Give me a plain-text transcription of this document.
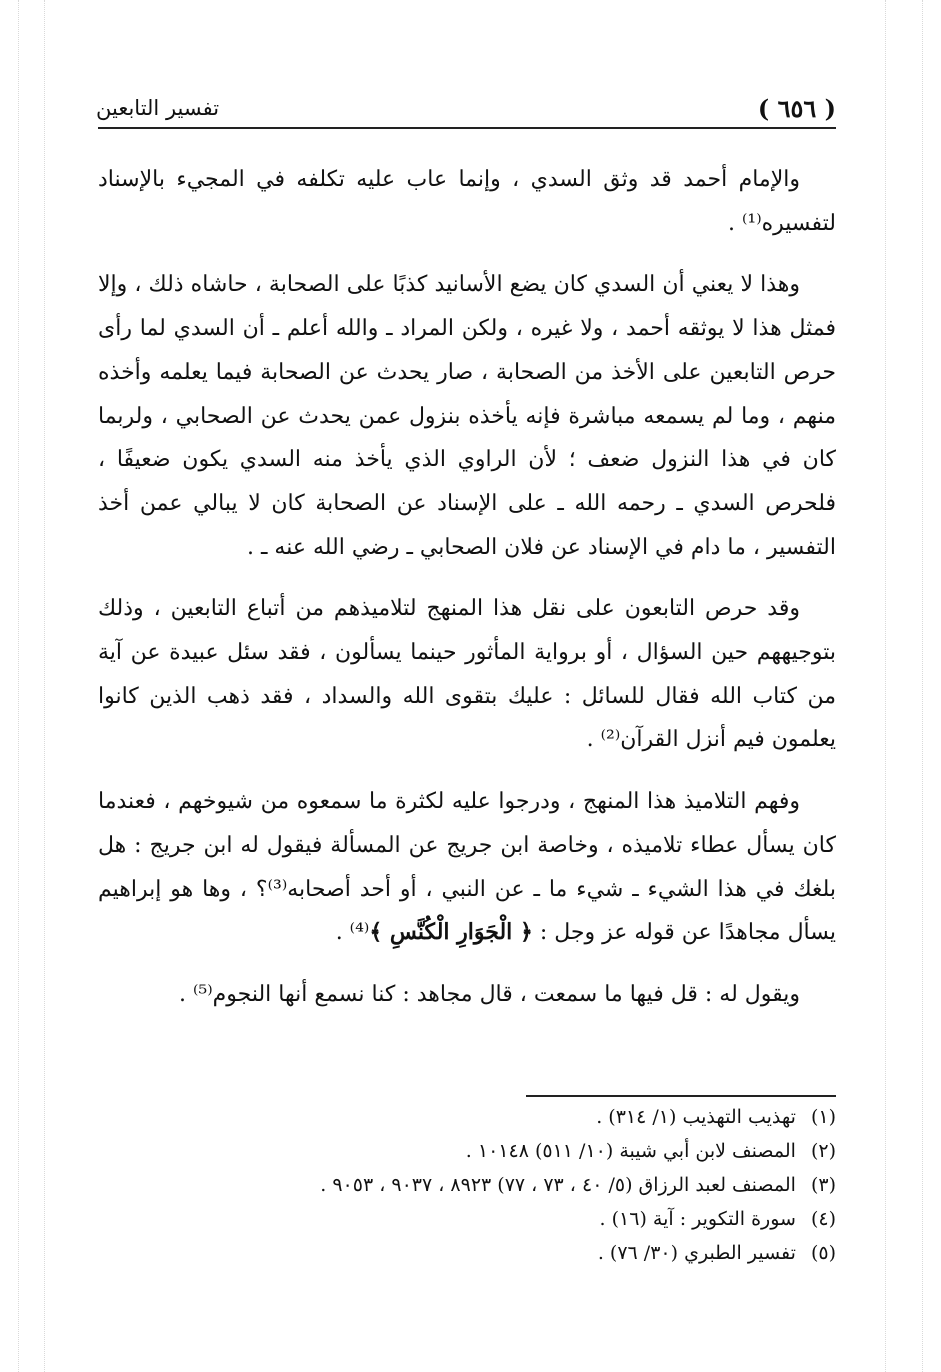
تفسير التابعين	( ٦٥٦ )

والإمام أحمد قد وثق السدي ، وإنما عاب عليه تكلفه في المجيء بالإسناد لتفسيره⁽¹⁾ .

وهذا لا يعني أن السدي كان يضع الأسانيد كذبًا على الصحابة ، حاشاه ذلك ، وإلا فمثل هذا لا يوثقه أحمد ، ولا غيره ، ولكن المراد ـ والله أعلم ـ أن السدي لما رأى حرص التابعين على الأخذ من الصحابة ، صار يحدث عن الصحابة فيما يعلمه وأخذه منهم ، وما لم يسمعه مباشرة فإنه يأخذه بنزول عمن يحدث عن الصحابي ، ولربما كان في هذا النزول ضعف ؛ لأن الراوي الذي يأخذ منه السدي يكون ضعيفًا ، فلحرص السدي ـ رحمه الله ـ على الإسناد عن الصحابة كان لا يبالي عمن أخذ التفسير ، ما دام في الإسناد عن فلان الصحابي ـ رضي الله عنه ـ .

وقد حرص التابعون على نقل هذا المنهج لتلاميذهم من أتباع التابعين ، وذلك بتوجيههم حين السؤال ، أو برواية المأثور حينما يسألون ، فقد سئل عبيدة عن آية من كتاب الله فقال للسائل : عليك بتقوى الله والسداد ، فقد ذهب الذين كانوا يعلمون فيم أنزل القرآن⁽²⁾ .

وفهم التلاميذ هذا المنهج ، ودرجوا عليه لكثرة ما سمعوه من شيوخهم ، فعندما كان يسأل عطاء تلاميذه ، وخاصة ابن جريج عن المسألة فيقول له ابن جريج : هل بلغك في هذا الشيء ـ شيء ما ـ عن النبي ، أو أحد أصحابه⁽³⁾؟ ، وها هو إبراهيم يسأل مجاهدًا عن قوله عز وجل : ﴿ الْجَوَارِ الْكُنَّسِ ﴾⁽⁴⁾ .

ويقول له : قل فيها ما سمعت ، قال مجاهد : كنا نسمع أنها النجوم⁽⁵⁾ .

(١) تهذيب التهذيب (١/ ٣١٤) .
(٢) المصنف لابن أبي شيبة (١٠/ ٥١١) ١٠١٤٨ .
(٣) المصنف لعبد الرزاق (٥/ ٤٠ ، ٧٣ ، ٧٧) ٨٩٢٣ ، ٩٠٣٧ ، ٩٠٥٣ .
(٤) سورة التكوير : آية (١٦) .
(٥) تفسير الطبري (٣٠/ ٧٦) .
